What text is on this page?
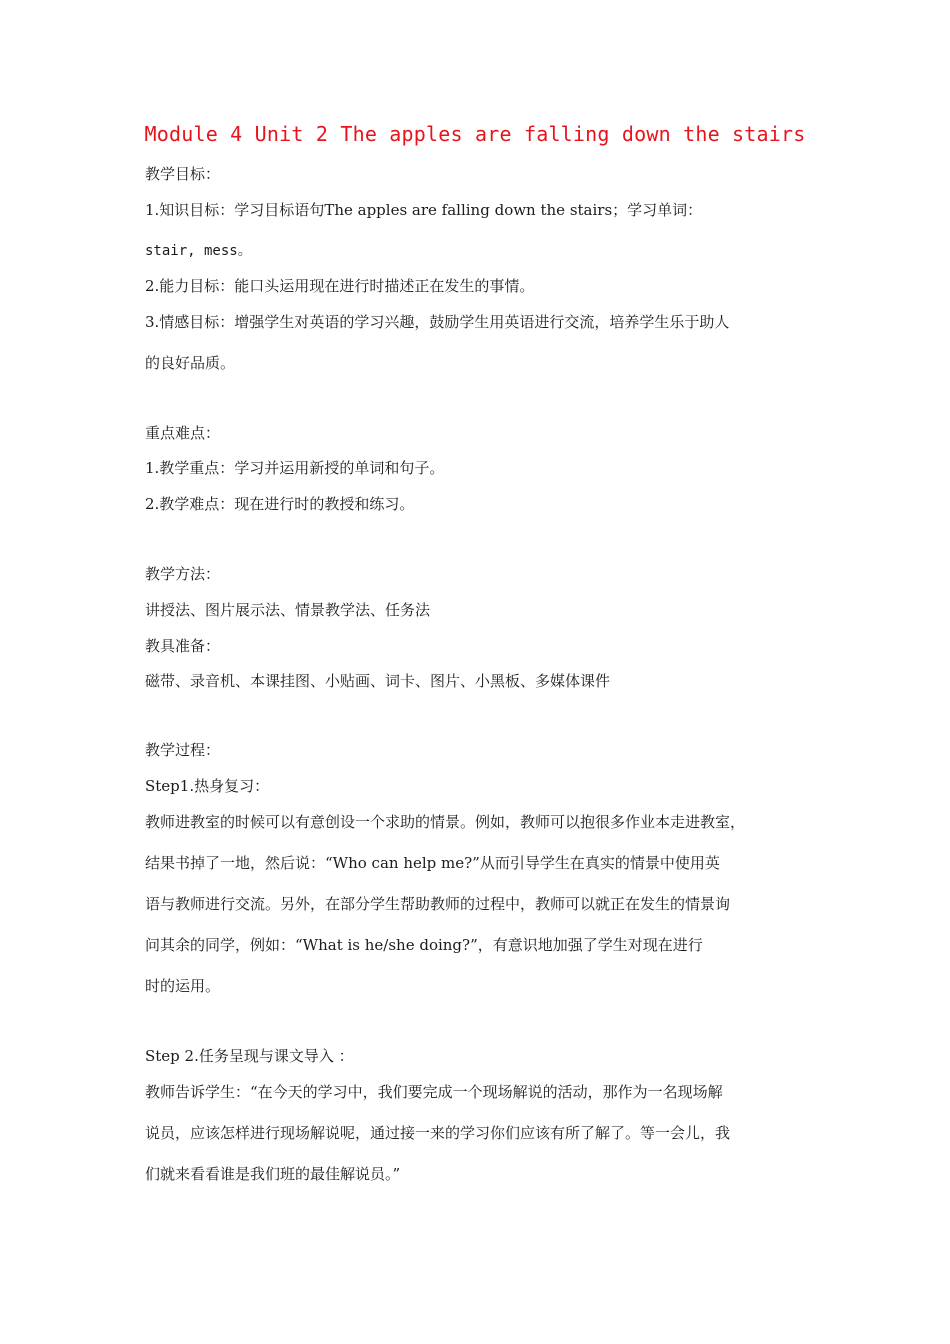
Module 4 Unit 2 The apples are falling down the stairs
教学目标：
1.知识目标：学习目标语句The apples are falling down the stairs；学习单词：
stair, mess。
2.能力目标：能口头运用现在进行时描述正在发生的事情。
3.情感目标：增强学生对英语的学习兴趣，鼓励学生用英语进行交流，培养学生乐于助人
的良好品质。
重点难点：
1.教学重点：学习并运用新授的单词和句子。
2.教学难点：现在进行时的教授和练习。
教学方法：
讲授法、图片展示法、情景教学法、任务法
教具准备：
磁带、录音机、本课挂图、小贴画、词卡、图片、小黑板、多媒体课件
教学过程：
Step1.热身复习：
教师进教室的时候可以有意创设一个求助的情景。例如，教师可以抱很多作业本走进教室，
结果书掉了一地，然后说：“Who can help me?”从而引导学生在真实的情景中使用英
语与教师进行交流。另外，在部分学生帮助教师的过程中，教师可以就正在发生的情景询
问其余的同学，例如：“What is he/she doing?”，有意识地加强了学生对现在进行
时的运用。
Step 2.任务呈现与课文导入 ：
教师告诉学生：“在今天的学习中，我们要完成一个现场解说的活动，那作为一名现场解
说员，应该怎样进行现场解说呢，通过接一来的学习你们应该有所了解了。等一会儿，我
们就来看看谁是我们班的最佳解说员。”
